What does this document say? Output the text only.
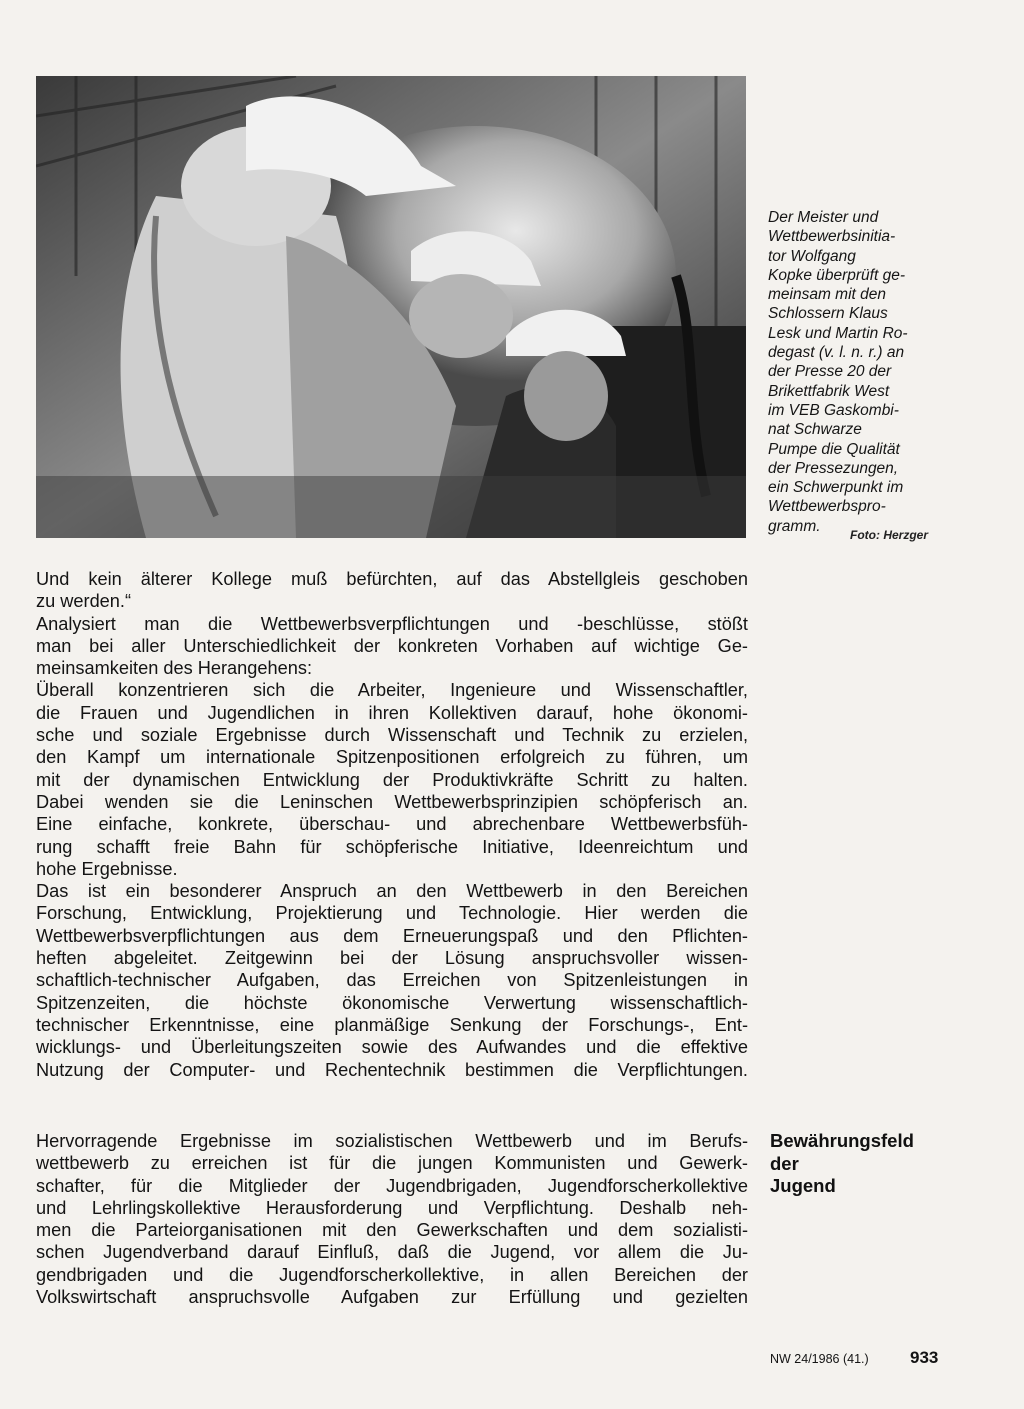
Der Meister und
Wettbewerbsinitia-
tor Wolfgang
Kopke überprüft ge-
meinsam mit den
Schlossern Klaus
Lesk und Martin Ro-
degast (v. l. n. r.) an
der Presse 20 der
Brikettfabrik West
im VEB Gaskombi-
nat Schwarze
Pumpe die Qualität
der Pressezungen,
ein Schwerpunkt im
Wettbewerbspro-
gramm.
Foto: Herzger
Und kein älterer Kollege muß befürchten, auf das Abstellgleis geschoben
zu werden.“
Analysiert man die Wettbewerbsverpflichtungen und -beschlüsse, stößt
man bei aller Unterschiedlichkeit der konkreten Vorhaben auf wichtige Ge-
meinsamkeiten des Herangehens:
Überall konzentrieren sich die Arbeiter, Ingenieure und Wissenschaftler,
die Frauen und Jugendlichen in ihren Kollektiven darauf, hohe ökonomi-
sche und soziale Ergebnisse durch Wissenschaft und Technik zu erzielen,
den Kampf um internationale Spitzenpositionen erfolgreich zu führen, um
mit der dynamischen Entwicklung der Produktivkräfte Schritt zu halten.
Dabei wenden sie die Leninschen Wettbewerbsprinzipien schöpferisch an.
Eine einfache, konkrete, überschau- und abrechenbare Wettbewerbsfüh-
rung schafft freie Bahn für schöpferische Initiative, Ideenreichtum und
hohe Ergebnisse.
Das ist ein besonderer Anspruch an den Wettbewerb in den Bereichen
Forschung, Entwicklung, Projektierung und Technologie. Hier werden die
Wettbewerbsverpflichtungen aus dem Erneuerungspaß und den Pflichten-
heften abgeleitet. Zeitgewinn bei der Lösung anspruchsvoller wissen-
schaftlich-technischer Aufgaben, das Erreichen von Spitzenleistungen in
Spitzenzeiten, die höchste ökonomische Verwertung wissenschaftlich-
technischer Erkenntnisse, eine planmäßige Senkung der Forschungs-, Ent-
wicklungs- und Überleitungszeiten sowie des Aufwandes und die effektive
Nutzung der Computer- und Rechentechnik bestimmen die Verpflichtungen.
Bewährungsfeld
der
Jugend
Hervorragende Ergebnisse im sozialistischen Wettbewerb und im Berufs-
wettbewerb zu erreichen ist für die jungen Kommunisten und Gewerk-
schafter, für die Mitglieder der Jugendbrigaden, Jugendforscherkollektive
und Lehrlingskollektive Herausforderung und Verpflichtung. Deshalb neh-
men die Parteiorganisationen mit den Gewerkschaften und dem sozialisti-
schen Jugendverband darauf Einfluß, daß die Jugend, vor allem die Ju-
gendbrigaden und die Jugendforscherkollektive, in allen Bereichen der
Volkswirtschaft anspruchsvolle Aufgaben zur Erfüllung und gezielten
NW 24/1986 (41.) 933
